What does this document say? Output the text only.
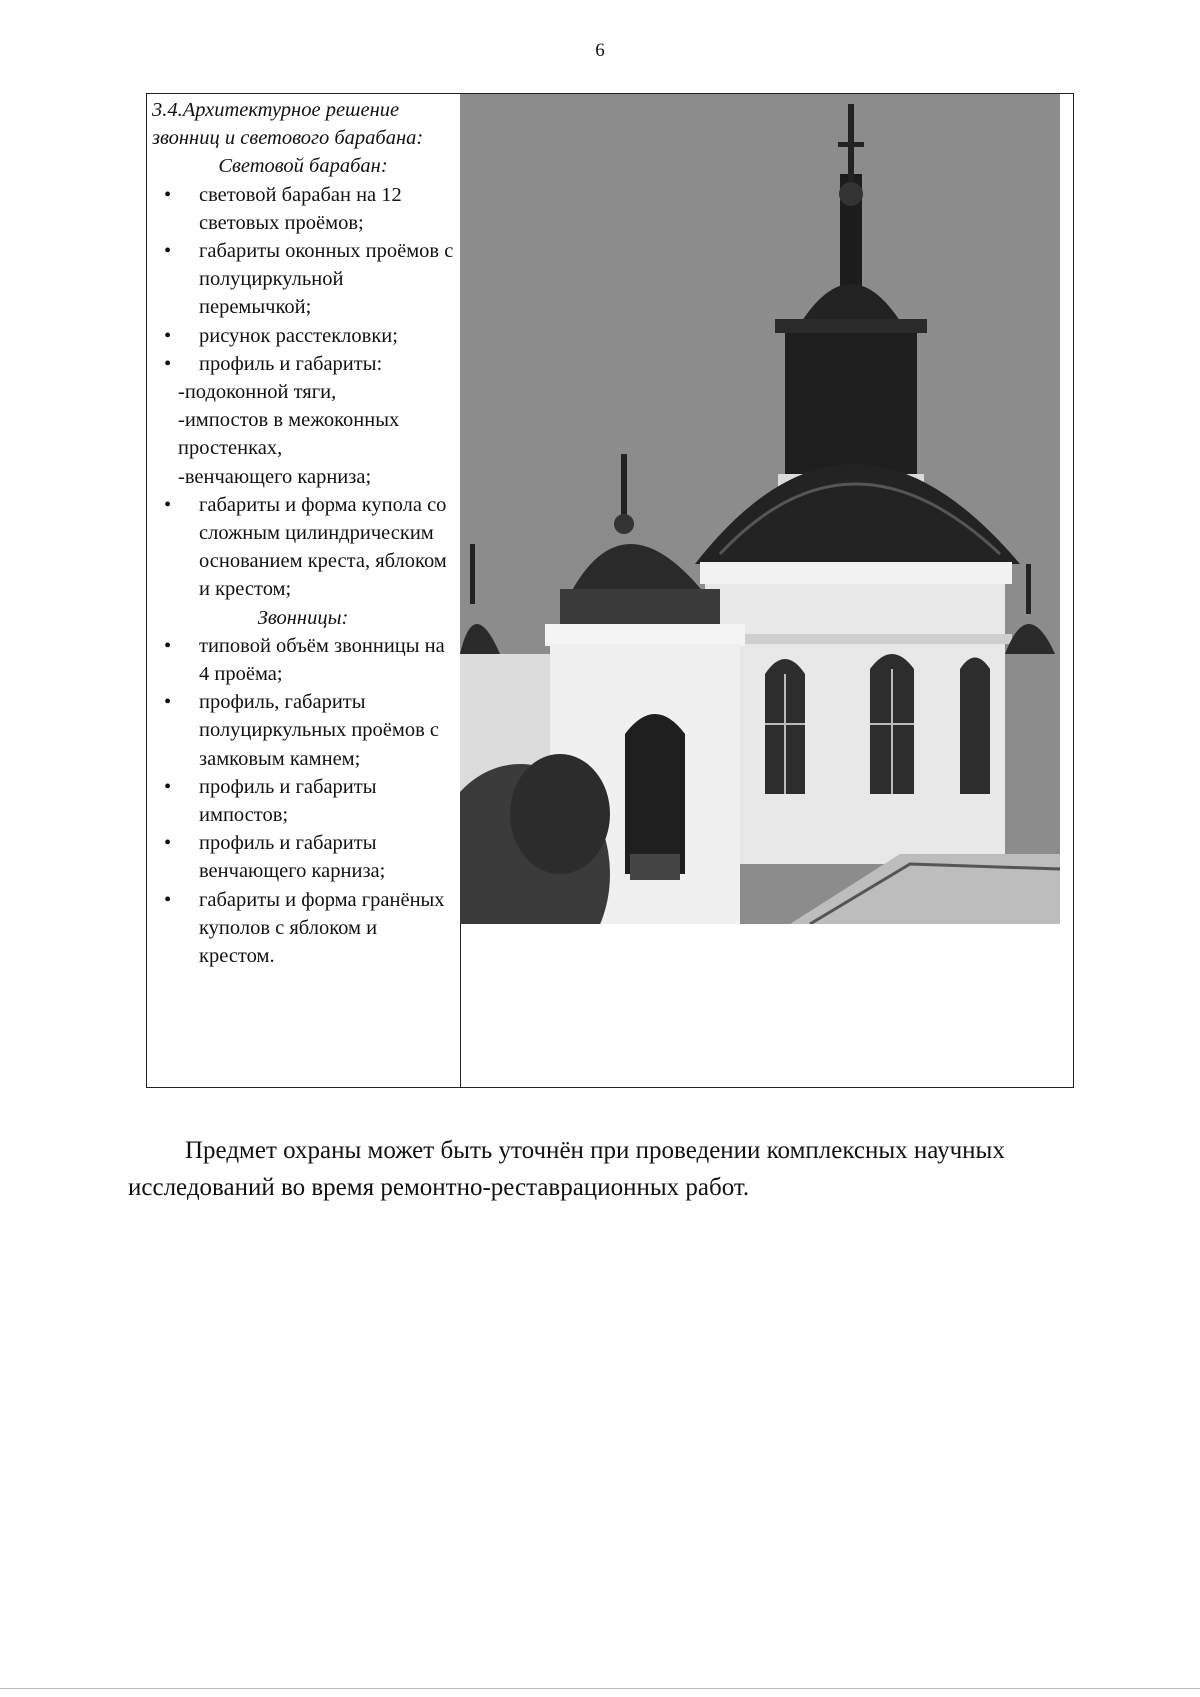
6

3.4.Архитектурное решение звонниц и светового барабана:

Световой барабан:

• световой барабан на 12 световых проёмов;
• габариты оконных проёмов с полуциркульной перемычкой;
• рисунок расстекловки;
• профиль и габариты:
-подоконной тяги,
-импостов в межоконных простенках,
-венчающего карниза;
• габариты и форма купола со сложным цилиндрическим основанием креста, яблоком и крестом;

Звонницы:

• типовой объём звонницы на 4 проёма;
• профиль, габариты полуциркульных проёмов с замковым камнем;
• профиль и габариты импостов;
• профиль и габариты венчающего карниза;
• габариты и форма гранёных куполов с яблоком и крестом.

Предмет охраны может быть уточнён при проведении комплексных научных исследований во время ремонтно-реставрационных работ.
